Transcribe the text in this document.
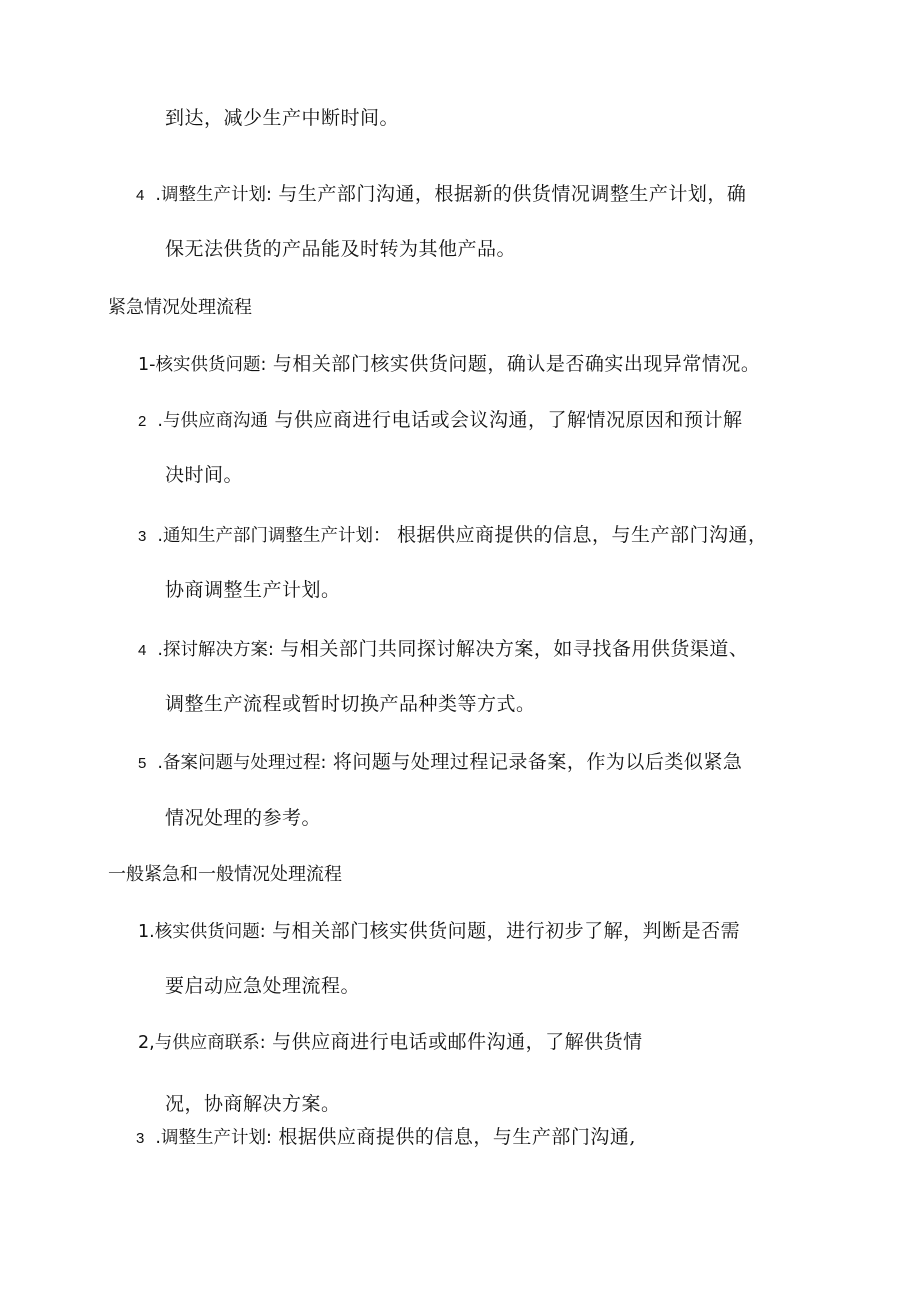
到达，减少生产中断时间。
4 .调整生产计划: 与生产部门沟通，根据新的供货情况调整生产计划，确
保无法供货的产品能及时转为其他产品。
紧急情况处理流程
1-核实供货问题: 与相关部门核实供货问题，确认是否确实出现异常情况。
2 .与供应商沟通 与供应商进行电话或会议沟通，了解情况原因和预计解
决时间。
3 .通知生产部门调整生产计划： 根据供应商提供的信息，与生产部门沟通，
协商调整生产计划。
4 .探讨解决方案: 与相关部门共同探讨解决方案，如寻找备用供货渠道、
调整生产流程或暂时切换产品种类等方式。
5 .备案问题与处理过程: 将问题与处理过程记录备案，作为以后类似紧急
情况处理的参考。
一般紧急和一般情况处理流程
1.核实供货问题: 与相关部门核实供货问题，进行初步了解，判断是否需
要启动应急处理流程。
2,与供应商联系: 与供应商进行电话或邮件沟通，了解供货情
况，协商解决方案。
3 .调整生产计划: 根据供应商提供的信息，与生产部门沟通,
